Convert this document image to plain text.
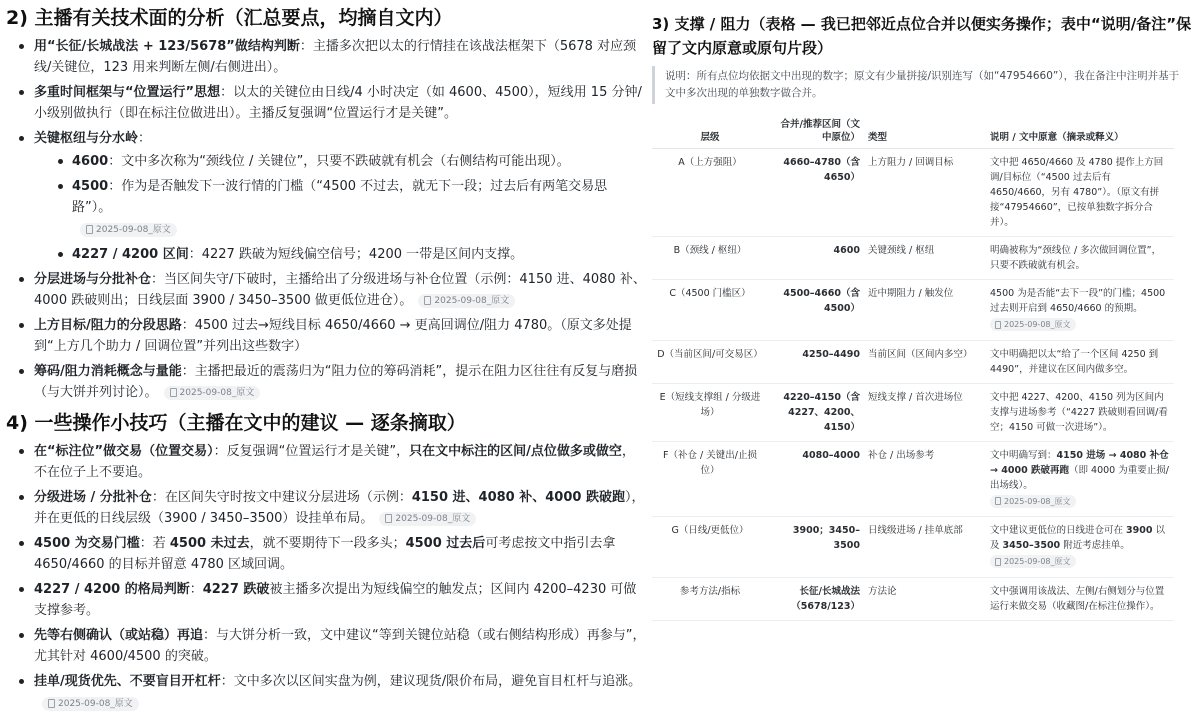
2) 主播有关技术面的分析（汇总要点，均摘自文内）
用“长征/长城战法 + 123/5678”做结构判断：主播多次把以太的行情挂在该战法框架下（5678 对应颈线/关键位，123 用来判断左侧/右侧进出）。
多重时间框架与“位置运行”思想：以太的关键位由日线/4 小时决定（如 4600、4500），短线用 15 分钟/小级别做执行（即在标注位做进出）。主播反复强调“位置运行才是关键”。
关键枢纽与分水岭：
4600：文中多次称为“颈线位 / 关键位”，只要不跌破就有机会（右侧结构可能出现）。
4500：作为是否触发下一波行情的门槛（“4500 不过去，就无下一段；过去后有两笔交易思路”）。
2025-09-08_原文
4227 / 4200 区间：4227 跌破为短线偏空信号；4200 一带是区间内支撑。
分层进场与分批补仓：当区间失守/下破时，主播给出了分级进场与补仓位置（示例：4150 进、4080 补、4000 跌破则出；日线层面 3900 / 3450–3500 做更低位进仓）。 2025-09-08_原文
上方目标/阻力的分段思路：4500 过去→短线目标 4650/4660 → 更高回调位/阻力 4780。（原文多处提到“上方几个助力 / 回调位置”并列出这些数字）
筹码/阻力消耗概念与量能：主播把最近的震荡归为“阻力位的筹码消耗”，提示在阻力区往往有反复与磨损（与大饼并列讨论）。 2025-09-08_原文
4) 一些操作小技巧（主播在文中的建议 — 逐条摘取）
在“标注位”做交易（位置交易）：反复强调“位置运行才是关键”，只在文中标注的区间/点位做多或做空，不在位子上不要追。
分级进场 / 分批补仓：在区间失守时按文中建议分层进场（示例：4150 进、4080 补、4000 跌破跑），并在更低的日线层级（3900 / 3450–3500）设挂单布局。 2025-09-08_原文
4500 为交易门槛：若 4500 未过去，就不要期待下一段多头；4500 过去后可考虑按文中指引去拿 4650/4660 的目标并留意 4780 区域回调。
4227 / 4200 的格局判断：4227 跌破被主播多次提出为短线偏空的触发点；区间内 4200–4230 可做支撑参考。
先等右侧确认（或站稳）再追：与大饼分析一致，文中建议“等到关键位站稳（或右侧结构形成）再参与”，尤其针对 4600/4500 的突破。
挂单/现货优先、不要盲目开杠杆：文中多次以区间实盘为例，建议现货/限价布局，避免盲目杠杆与追涨。
2025-09-08_原文
3) 支撑 / 阻力（表格 — 我已把邻近点位合并以便实务操作；表中“说明/备注”保留了文内原意或原句片段）
说明：所有点位均依据文中出现的数字；原文有少量拼接/识别连写（如“47954660”），我在备注中注明并基于文中多次出现的单独数字做合并。
层级	合并/推荐区间（文中原位）	类型	说明 / 文中原意（摘录或释义）
A（上方强阻）	4660–4780（含 4650）	上方阻力 / 回调目标	文中把 4650/4660 及 4780 提作上方回调/目标位（“4500 过去后有 4650/4660，另有 4780”）。（原文有拼接“47954660”，已按单独数字拆分合并）。
B（颈线 / 枢纽）	4600	关键颈线 / 枢纽	明确被称为“颈线位 / 多次做回调位置”，只要不跌破就有机会。
C（4500 门槛区）	4500–4660（含 4500）	近中期阻力 / 触发位	4500 为是否能“去下一段”的门槛；4500 过去则开启到 4650/4660 的预期。

2025-09-08_原文

D（当前区间/可交易区）	4250–4490	当前区间（区间内多空）	文中明确把以太“给了一个区间 4250 到 4490”，并建议在区间内做多空。
E（短线支撑组 / 分级进场）	4220–4150（含 4227、4200、4150）	短线支撑 / 首次进场位	文中把 4227、4200、4150 列为区间内支撑与进场参考（“4227 跌破则看回调/看空；4150 可做一次进场”）。
F（补仓 / 关键出/止损位）	4080–4000	补仓 / 出场参考	文中明确写到：4150 进场 → 4080 补仓 → 4000 跌破再跑（即 4000 为重要止损/出场线）。

2025-09-08_原文

G（日线/更低位）	3900；3450–3500	日线级进场 / 挂单底部	文中建议更低位的日线进仓可在 3900 以及 3450–3500 附近考虑挂单。
2025-09-08_原文

参考方法/指标	长征/长城战法（5678/123）	方法论	文中强调用该战法、左侧/右侧划分与位置运行来做交易（收藏图/在标注位操作）。
